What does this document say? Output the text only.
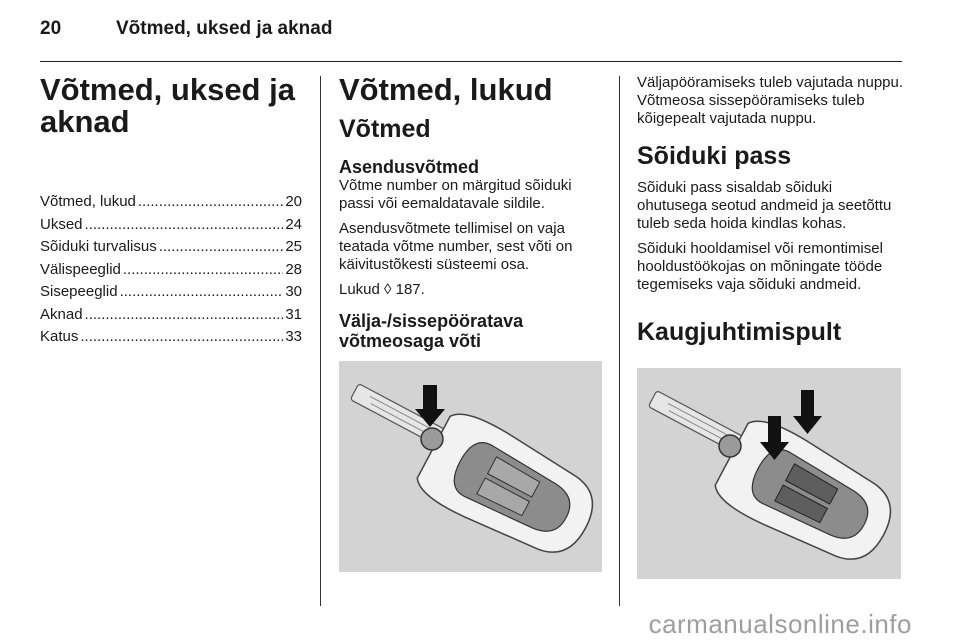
20	Võtmed, uksed ja aknad
Võtmed, uksed ja aknad
Võtmed, lukud .....	20
Uksed .....	24
Sõiduki turvalisus .....	25
Välispeeglid .....	28
Sisepeeglid .....	30
Aknad .....	31
Katus .....	33
Võtmed, lukud
Võtmed
Asendusvõtmed

Võtme number on märgitud sõiduki passi või eemaldatavale sildile.

Asendusvõtmete tellimisel on vaja teatada võtme number, sest võti on käivitustõkesti süsteemi osa.

Lukud ◊ 187.

Välja-/sissepööratava võtmeosaga võti

Väljapööramiseks tuleb vajutada nuppu. Võtmeosa sissepööramiseks tuleb kõigepealt vajutada nuppu.

Sõiduki pass

Sõiduki pass sisaldab sõiduki ohutusega seotud andmeid ja seetõttu tuleb seda hoida kindlas kohas.

Sõiduki hooldamisel või remontimisel hooldustöökojas on mõningate tööde tegemiseks vaja sõiduki andmeid.

Kaugjuhtimispult
carmanualsonline.info
